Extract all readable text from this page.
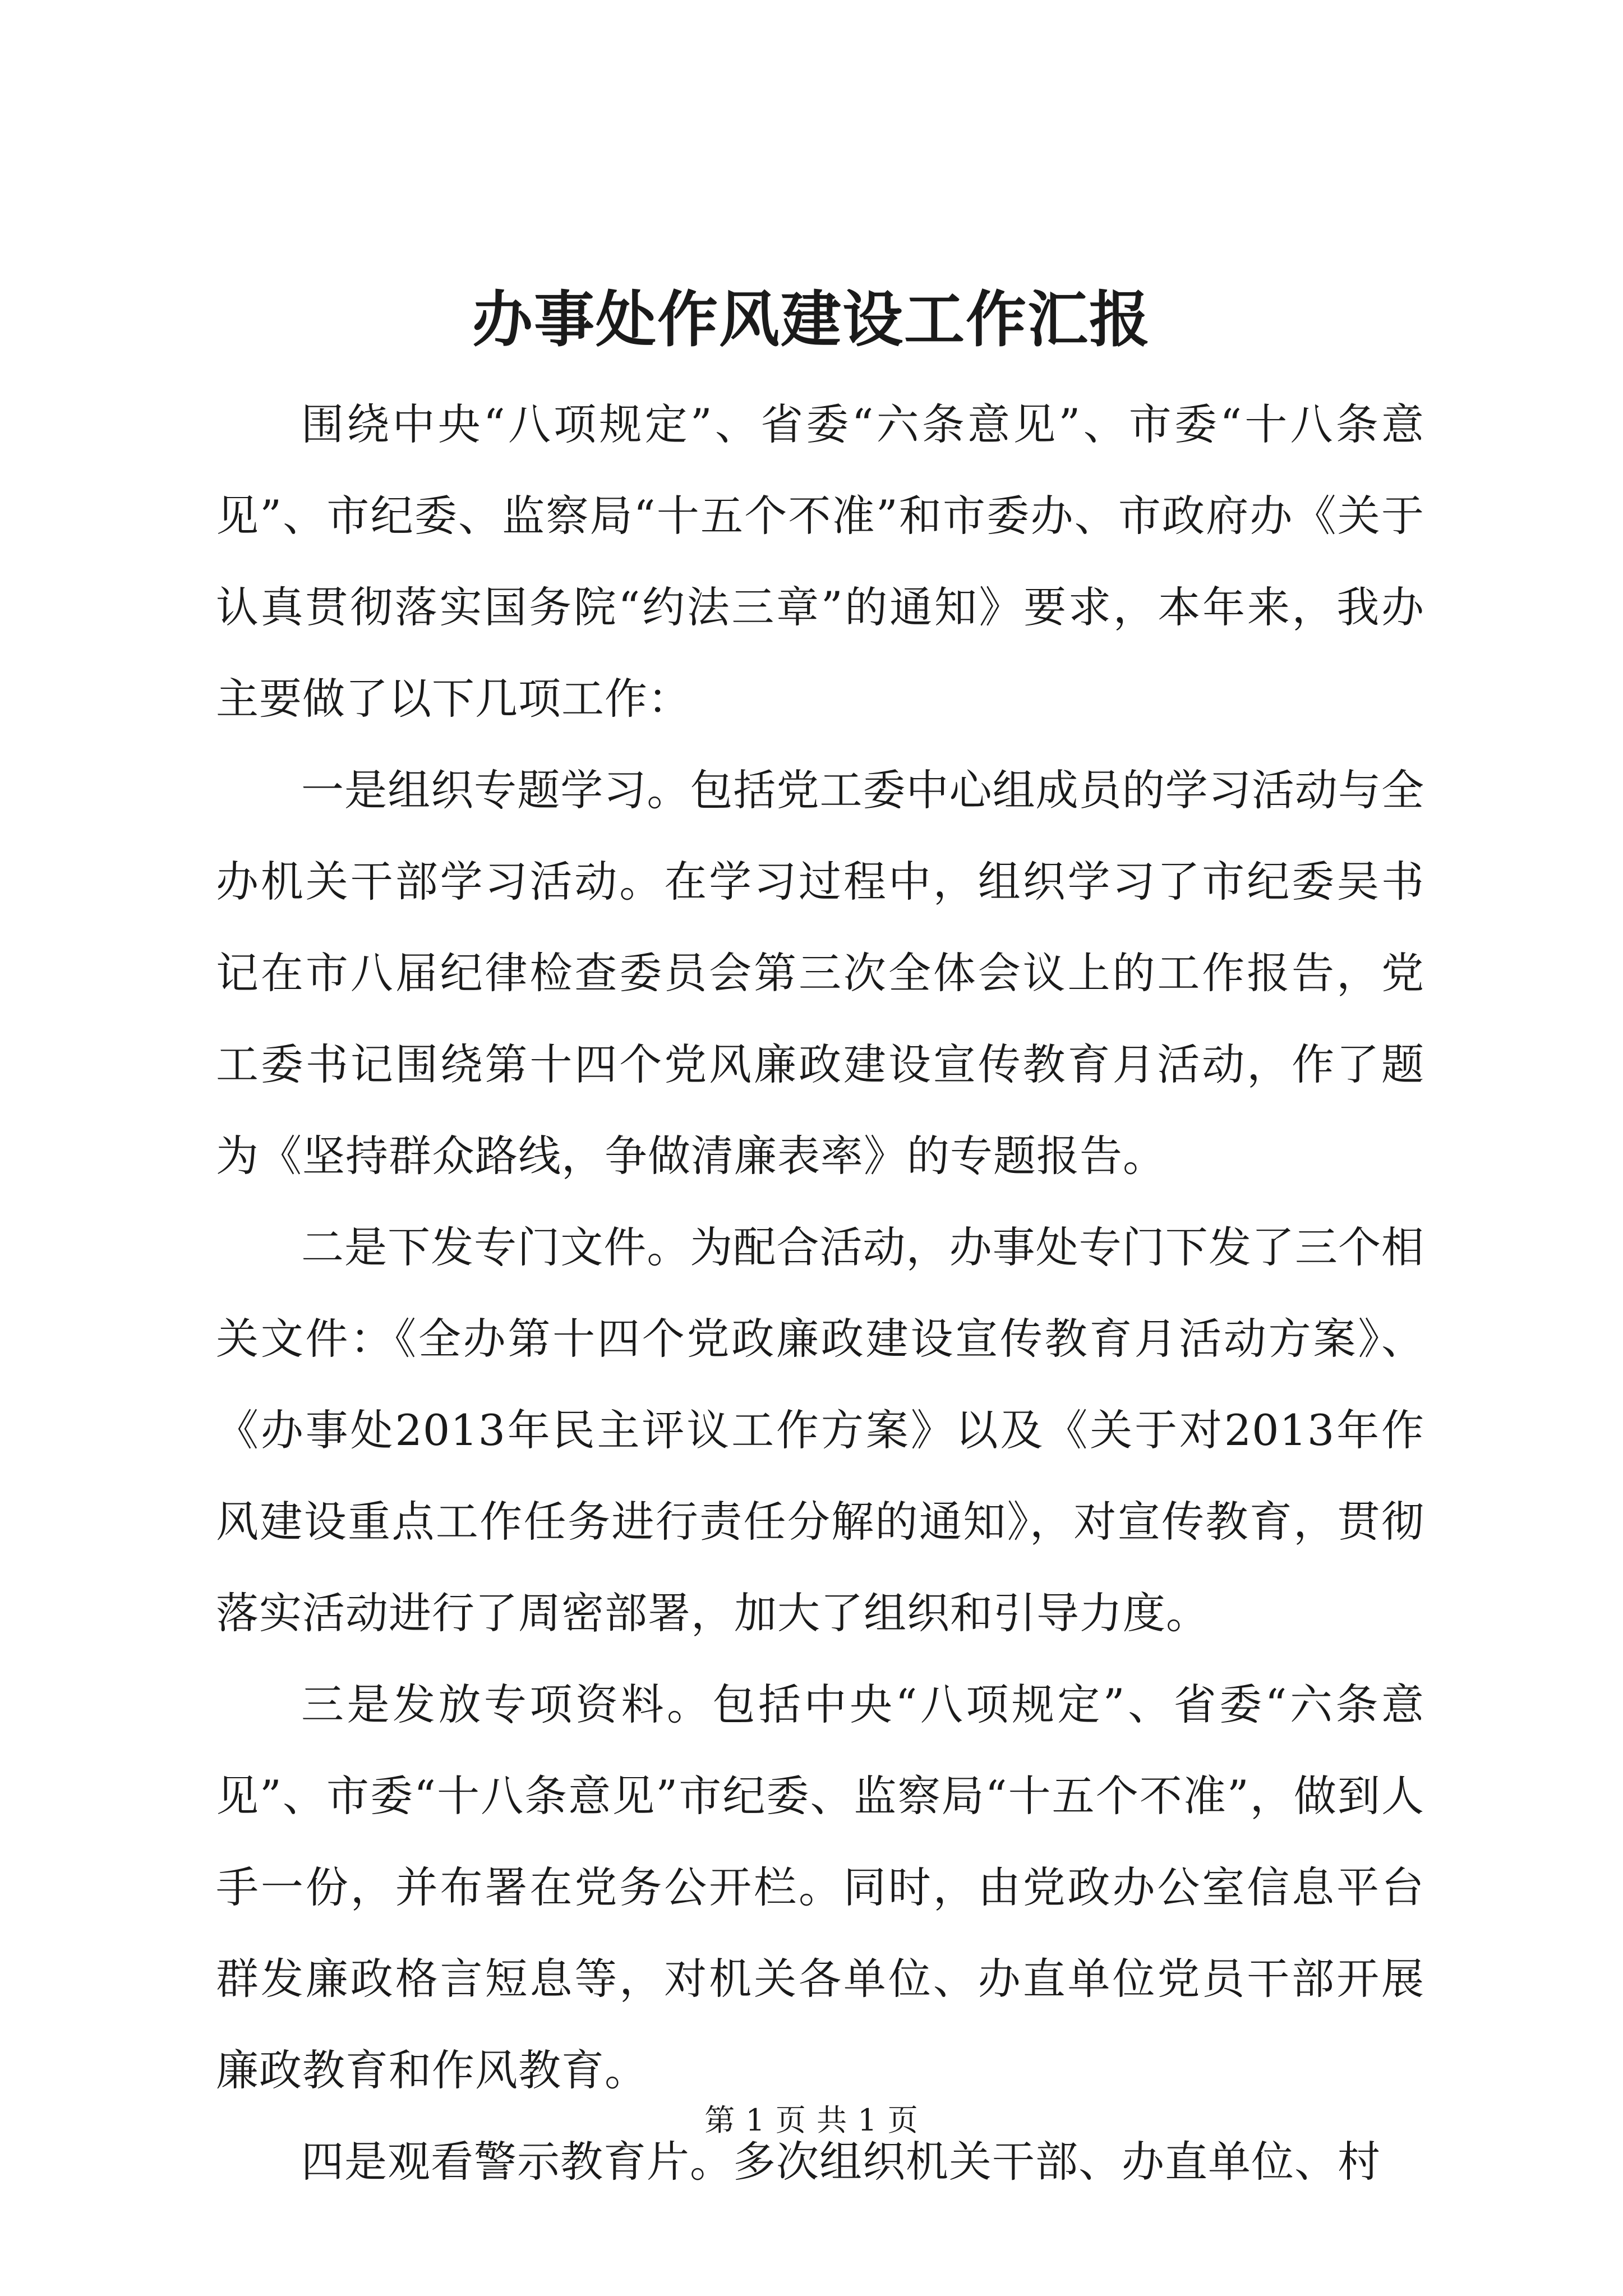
办事处作风建设工作汇报

围绕中央“八项规定”、省委“六条意见”、市委“十八条意见”、市纪委、监察局“十五个不准”和市委办、市政府办《关于认真贯彻落实国务院“约法三章”的通知》要求，本年来，我办主要做了以下几项工作：

一是组织专题学习。包括党工委中心组成员的学习活动与全办机关干部学习活动。在学习过程中，组织学习了市纪委吴书记在市八届纪律检查委员会第三次全体会议上的工作报告，党工委书记围绕第十四个党风廉政建设宣传教育月活动，作了题为《坚持群众路线，争做清廉表率》的专题报告。

二是下发专门文件。为配合活动，办事处专门下发了三个相关文件：《全办第十四个党政廉政建设宣传教育月活动方案》、《办事处2013年民主评议工作方案》以及《关于对2013年作风建设重点工作任务进行责任分解的通知》，对宣传教育，贯彻落实活动进行了周密部署，加大了组织和引导力度。

三是发放专项资料。包括中央“八项规定”、省委“六条意见”、市委“十八条意见”市纪委、监察局“十五个不准”，做到人手一份，并布署在党务公开栏。同时，由党政办公室信息平台群发廉政格言短息等，对机关各单位、办直单位党员干部开展廉政教育和作风教育。

四是观看警示教育片。多次组织机关干部、办直单位、村

第 1 页 共 1 页
